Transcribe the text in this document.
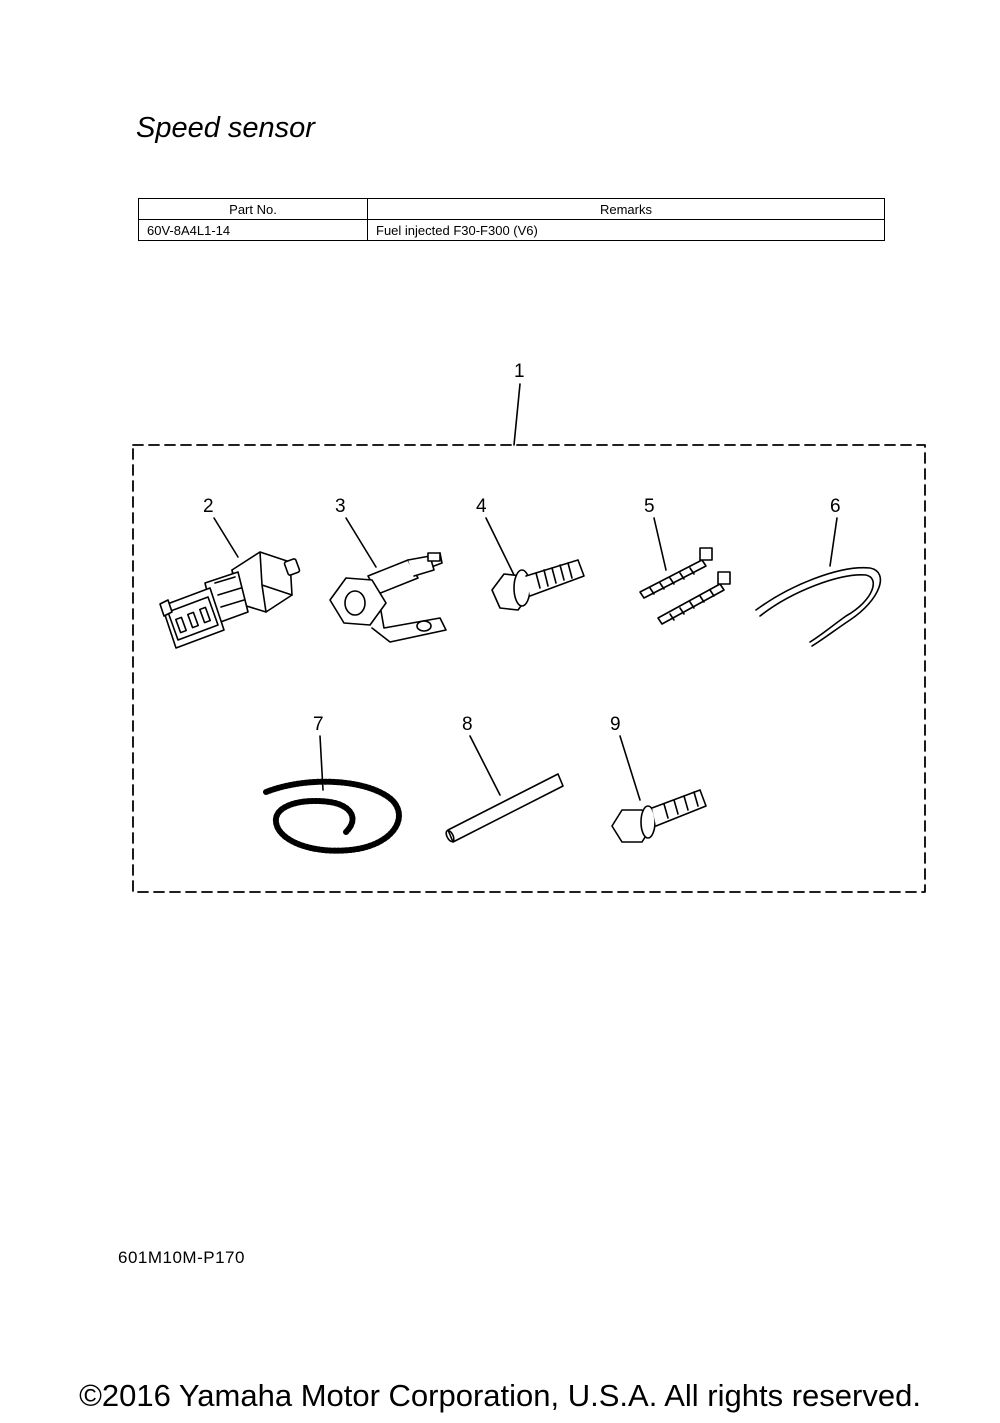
Speed sensor
Part No.	Remarks
60V-8A4L1-14	Fuel injected F30-F300 (V6)
1
2	3	4	5	6
7	8	9
601M10M-P170
©2016 Yamaha Motor Corporation, U.S.A. All rights reserved.
